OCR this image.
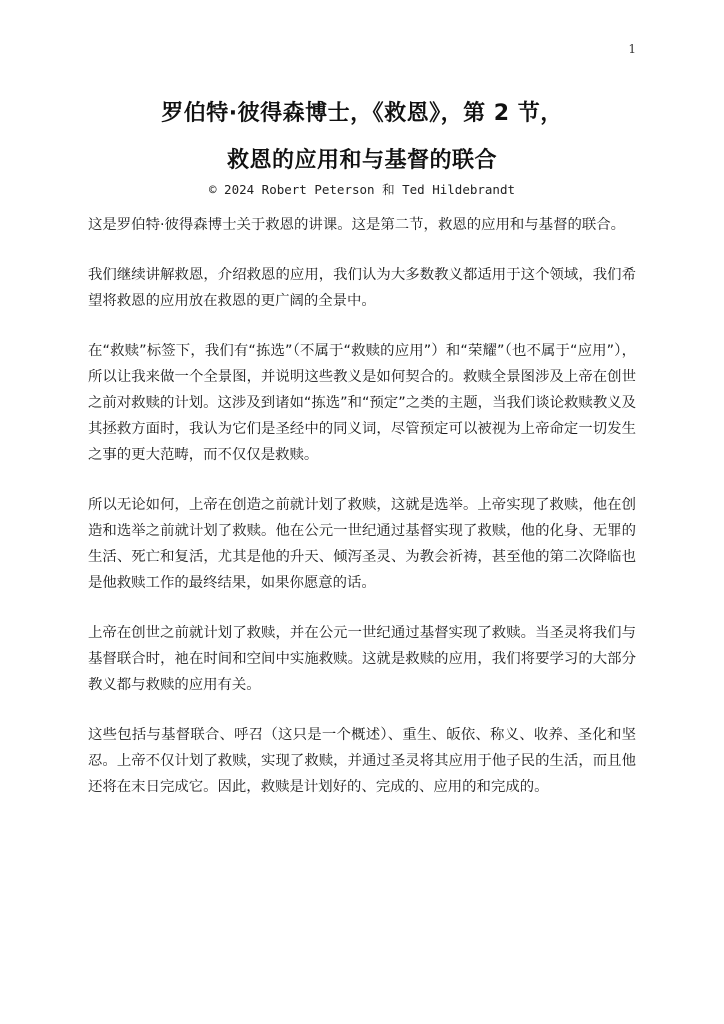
1
罗伯特·彼得森博士，《救恩》，第 2 节，
救恩的应用和与基督的联合
© 2024 Robert Peterson 和 Ted Hildebrandt

这是罗伯特·彼得森博士关于救恩的讲课。这是第二节，救恩的应用和与基督的联合。

我们继续讲解救恩，介绍救恩的应用，我们认为大多数教义都适用于这个领域，我们希望将救恩的应用放在救恩的更广阔的全景中。

在“救赎”标签下，我们有“拣选”（不属于“救赎的应用”）和“荣耀”（也不属于“应用”），所以让我来做一个全景图，并说明这些教义是如何契合的。救赎全景图涉及上帝在创世之前对救赎的计划。这涉及到诸如“拣选”和“预定”之类的主题，当我们谈论救赎教义及其拯救方面时，我认为它们是圣经中的同义词，尽管预定可以被视为上帝命定一切发生之事的更大范畴，而不仅仅是救赎。

所以无论如何，上帝在创造之前就计划了救赎，这就是选举。上帝实现了救赎，他在创造和选举之前就计划了救赎。他在公元一世纪通过基督实现了救赎，他的化身、无罪的生活、死亡和复活，尤其是他的升天、倾泻圣灵、为教会祈祷，甚至他的第二次降临也是他救赎工作的最终结果，如果你愿意的话。

上帝在创世之前就计划了救赎，并在公元一世纪通过基督实现了救赎。当圣灵将我们与基督联合时，祂在时间和空间中实施救赎。这就是救赎的应用，我们将要学习的大部分教义都与救赎的应用有关。

这些包括与基督联合、呼召（这只是一个概述）、重生、皈依、称义、收养、圣化和坚忍。上帝不仅计划了救赎，实现了救赎，并通过圣灵将其应用于他子民的生活，而且他还将在末日完成它。因此，救赎是计划好的、完成的、应用的和完成的。
